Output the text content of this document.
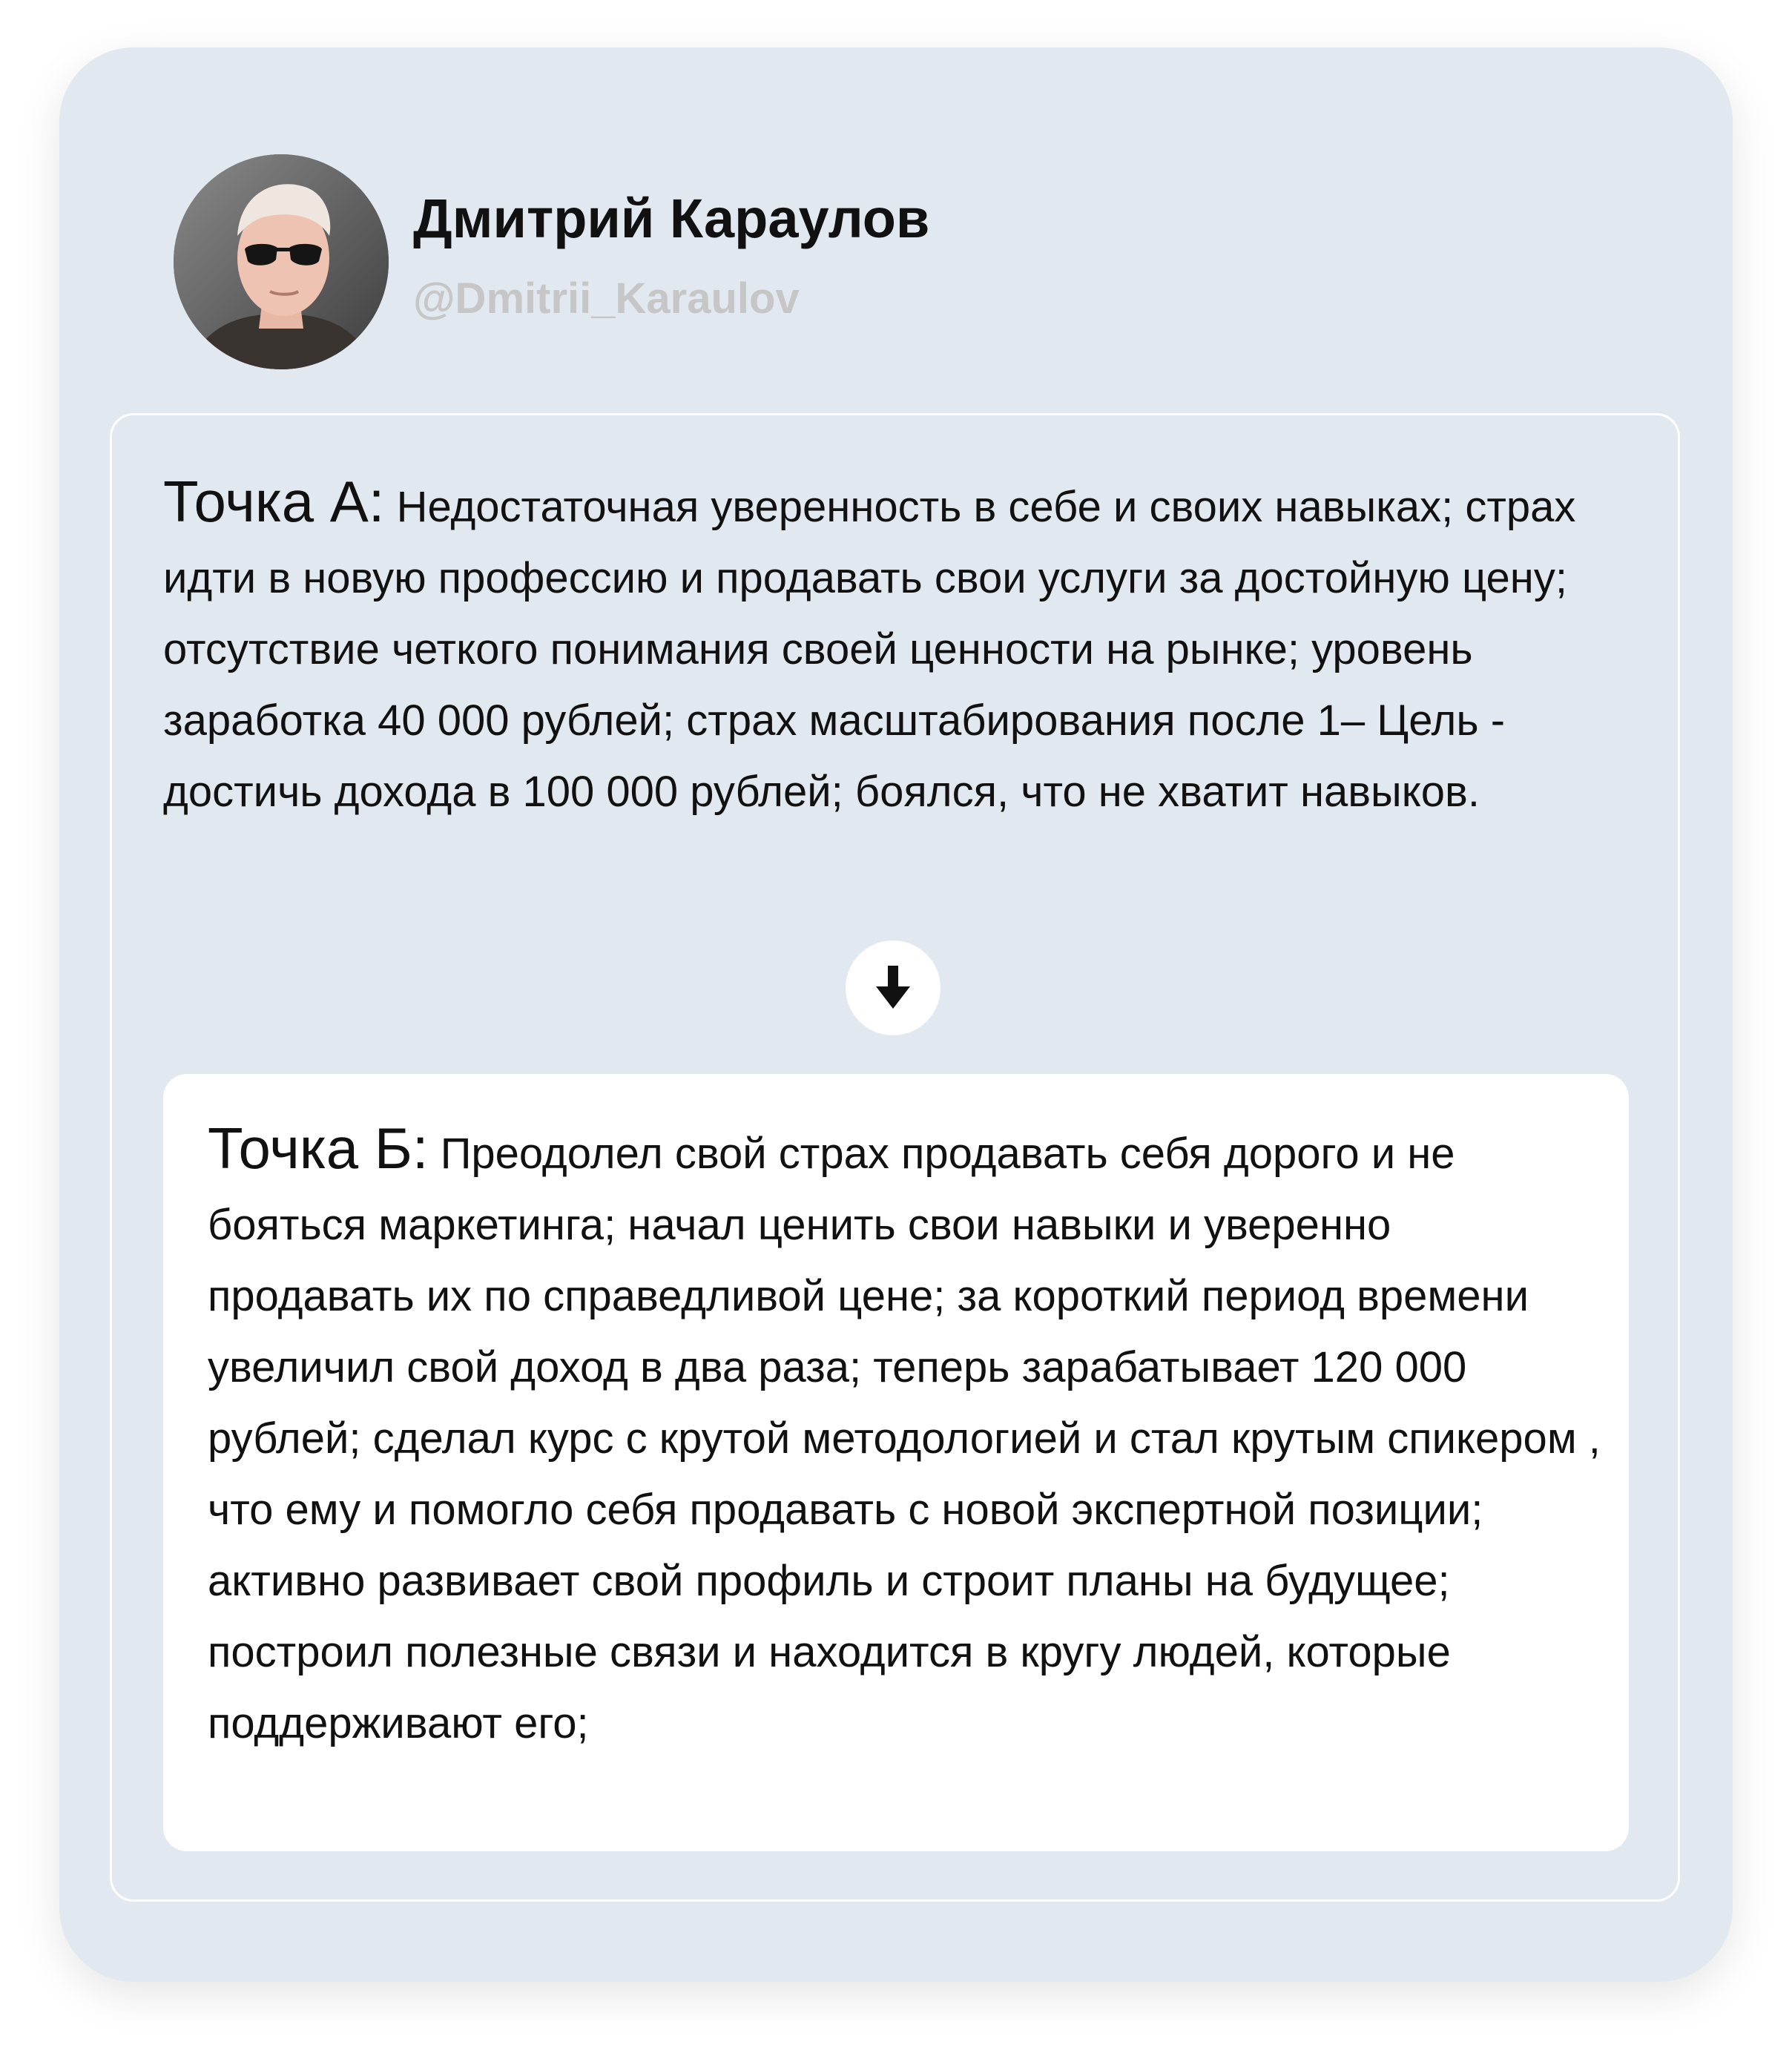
Дмитрий Караулов
@Dmitrii_Karaulov
Точка А: Недостаточная уверенность в себе и своих навыках; страх идти в новую профессию и продавать свои услуги за достойную цену; отсутствие четкого понимания своей ценности на рынке; уровень заработка 40 000 рублей; страх масштабирования после 1– Цель - достичь дохода в 100 000 рублей; боялся, что не хватит навыков.
Точка Б: Преодолел свой страх продавать себя дорого и не бояться маркетинга; начал ценить свои навыки и уверенно продавать их по справедливой цене; за короткий период времени увеличил свой доход в два раза; теперь зарабатывает 120 000 рублей; сделал курс с крутой методологией и стал крутым спикером , что ему и помогло себя продавать с новой экспертной позиции; активно развивает свой профиль и строит планы на будущее; построил полезные связи и находится в кругу людей, которые поддерживают его;
